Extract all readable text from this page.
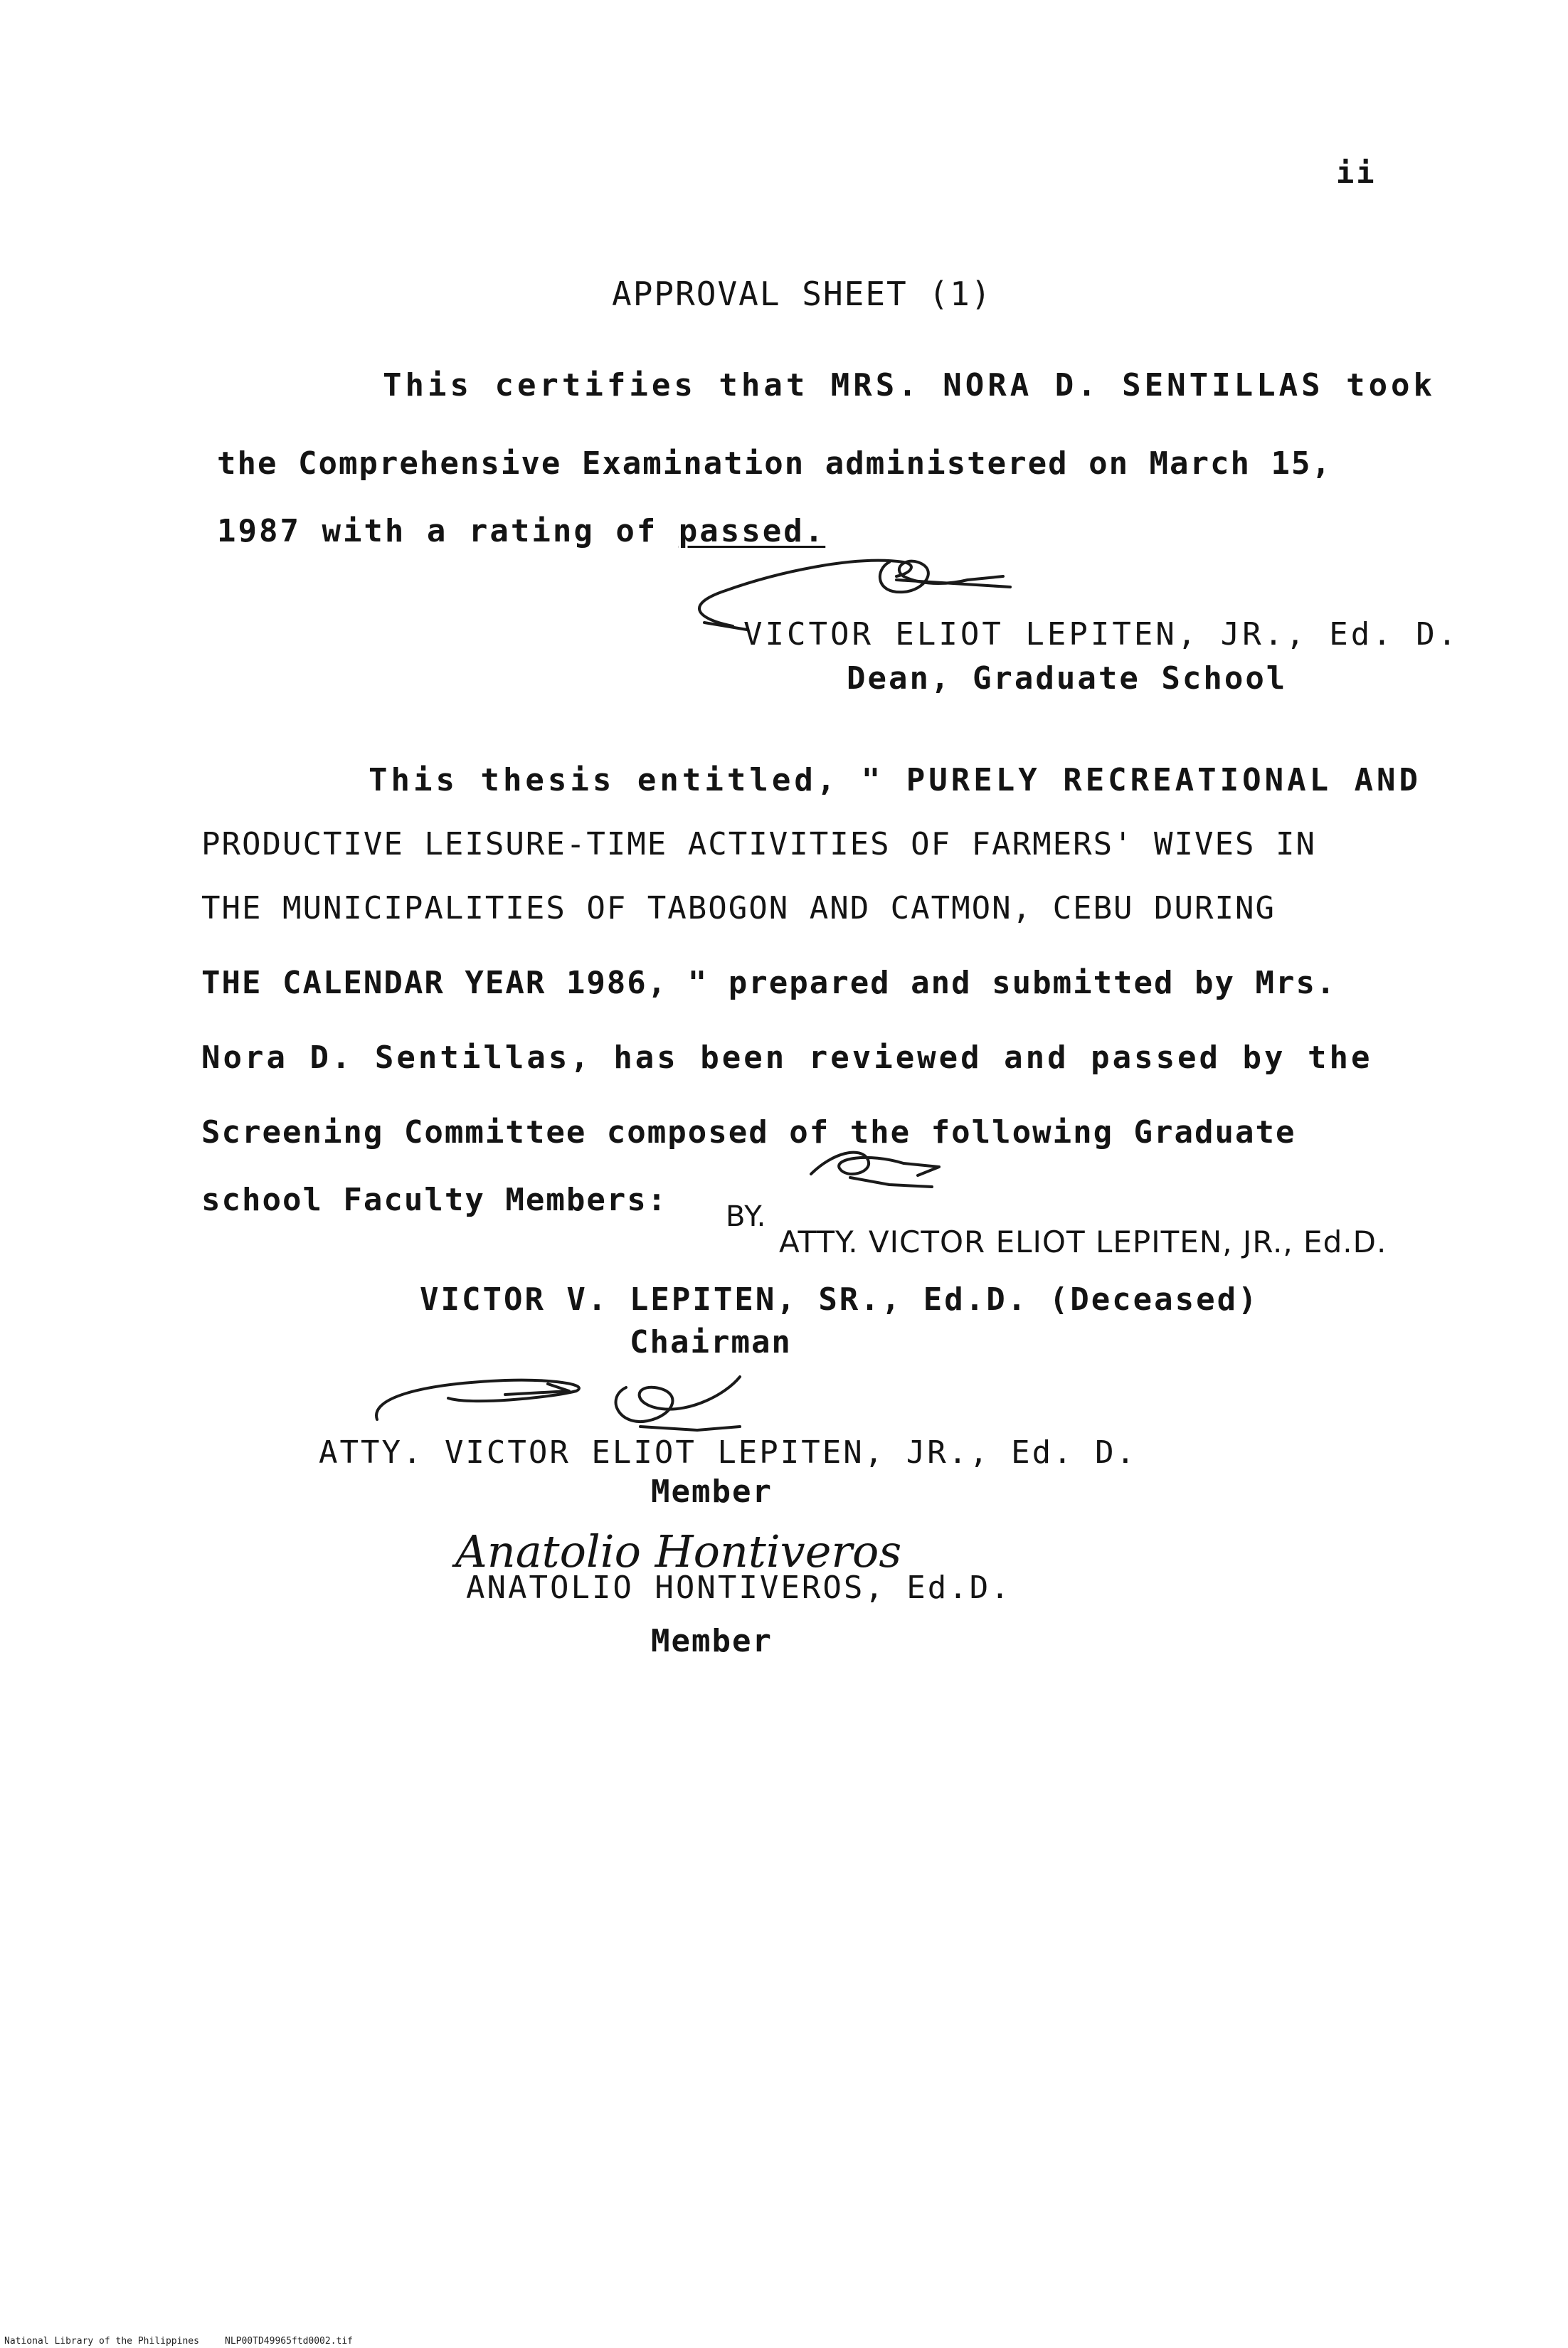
ii
APPROVAL SHEET (1)
This certifies that MRS. NORA D. SENTILLAS took
the Comprehensive Examination administered on March 15,
1987 with a rating of passed.
VICTOR ELIOT LEPITEN, JR., Ed. D.
Dean, Graduate School
This thesis entitled, " PURELY RECREATIONAL AND
PRODUCTIVE LEISURE-TIME ACTIVITIES OF FARMERS' WIVES IN
THE MUNICIPALITIES OF TABOGON AND CATMON, CEBU DURING
THE CALENDAR YEAR 1986, " prepared and submitted by Mrs.
Nora D. Sentillas, has been reviewed and passed by the
Screening Committee composed of the following Graduate
school Faculty Members: BY.
ATTY. VICTOR ELIOT LEPITEN, JR., Ed.D.
VICTOR V. LEPITEN, SR., Ed.D. (Deceased)
Chairman
ATTY. VICTOR ELIOT LEPITEN, JR., Ed. D.
Member
Anatolio Hontiveros
ANATOLIO HONTIVEROS, Ed.D.
Member
National Library of the Philippines	NLP00TD49965ftd0002.tif
